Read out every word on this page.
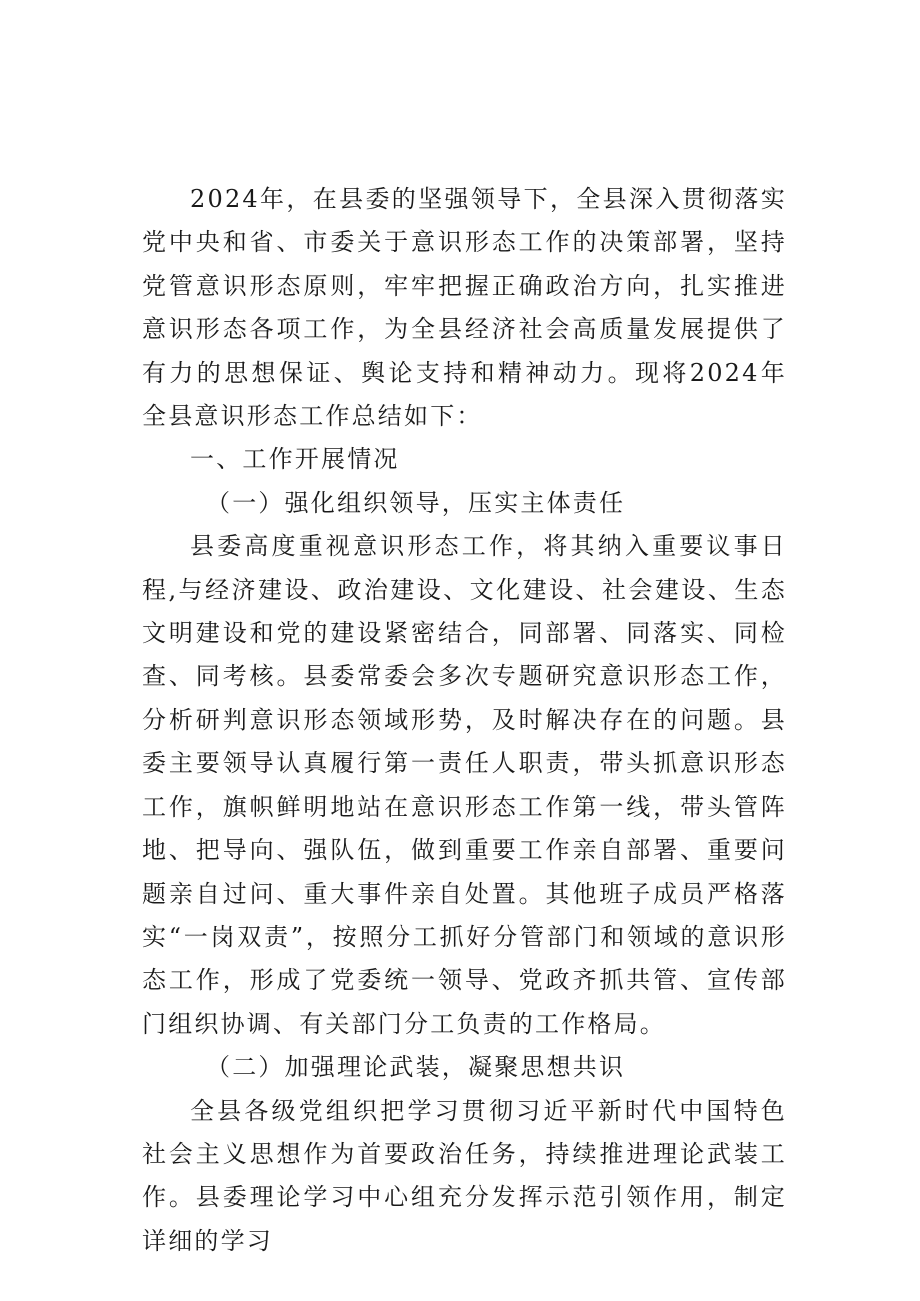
2024年，在县委的坚强领导下，全县深入贯彻落实党中央和省、市委关于意识形态工作的决策部署，坚持党管意识形态原则，牢牢把握正确政治方向，扎实推进意识形态各项工作，为全县经济社会高质量发展提供了有力的思想保证、舆论支持和精神动力。现将2024年全县意识形态工作总结如下：

一、工作开展情况

（一）强化组织领导，压实主体责任

县委高度重视意识形态工作，将其纳入重要议事日程,与经济建设、政治建设、文化建设、社会建设、生态文明建设和党的建设紧密结合，同部署、同落实、同检查、同考核。县委常委会多次专题研究意识形态工作，分析研判意识形态领域形势，及时解决存在的问题。县委主要领导认真履行第一责任人职责，带头抓意识形态工作，旗帜鲜明地站在意识形态工作第一线，带头管阵地、把导向、强队伍，做到重要工作亲自部署、重要问题亲自过问、重大事件亲自处置。其他班子成员严格落实“一岗双责”，按照分工抓好分管部门和领域的意识形态工作，形成了党委统一领导、党政齐抓共管、宣传部门组织协调、有关部门分工负责的工作格局。

（二）加强理论武装，凝聚思想共识

全县各级党组织把学习贯彻习近平新时代中国特色社会主义思想作为首要政治任务，持续推进理论武装工作。县委理论学习中心组充分发挥示范引领作用，制定详细的学习
